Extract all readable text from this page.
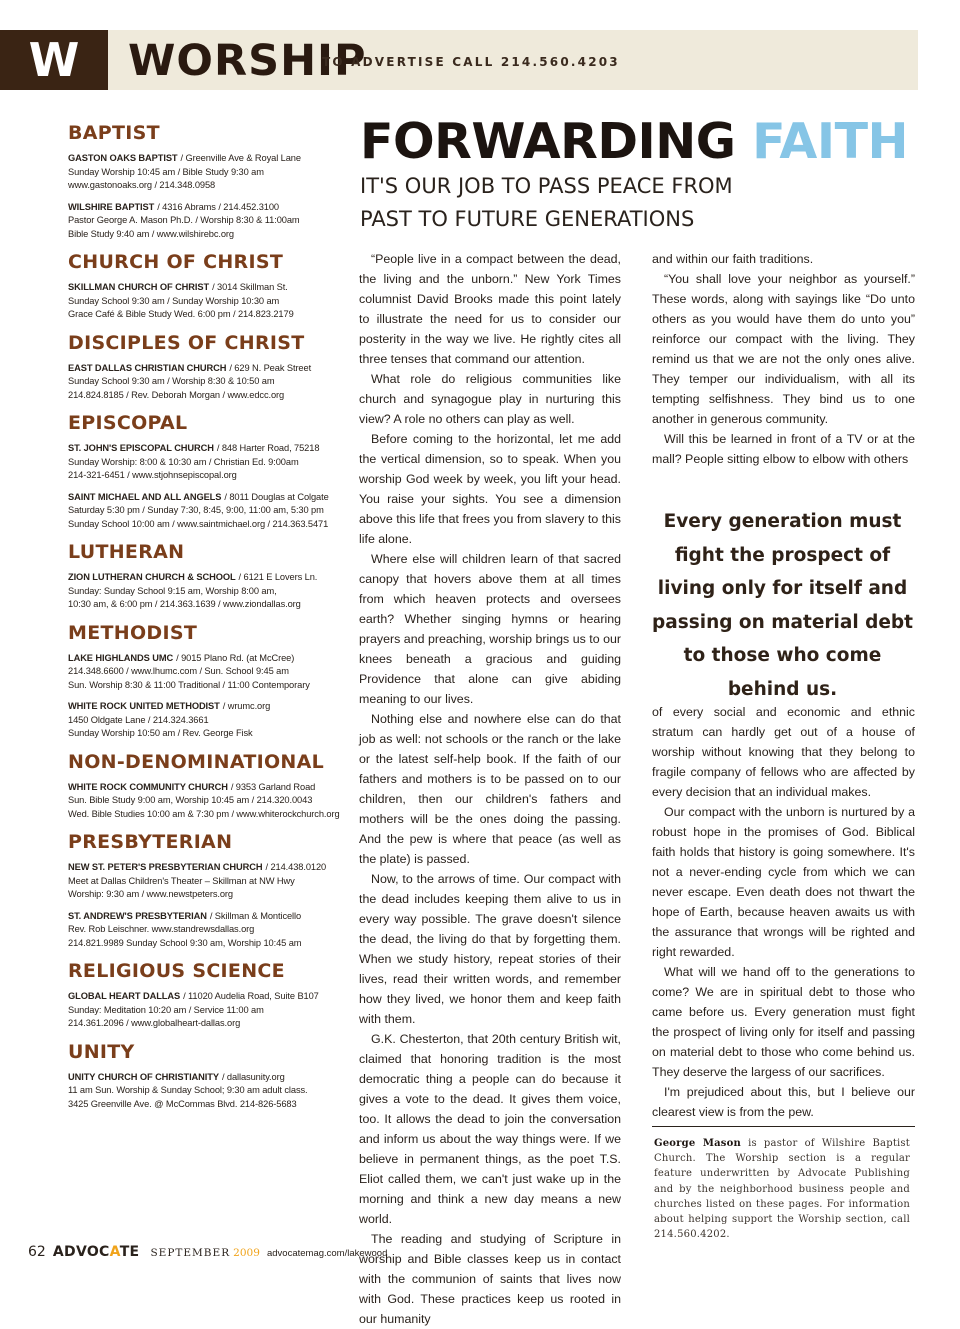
W	WORSHIP
TO ADVERTISE CALL 214.560.4203
BAPTIST
GASTON OAKS BAPTIST / Greenville Ave & Royal Lane
Sunday Worship 10:45 am / Bible Study 9:30 am
www.gastonoaks.org / 214.348.0958
WILSHIRE BAPTIST / 4316 Abrams / 214.452.3100
Pastor George A. Mason Ph.D. / Worship 8:30 & 11:00am
Bible Study 9:40 am / www.wilshirebc.org
CHURCH OF CHRIST
SKILLMAN CHURCH OF CHRIST / 3014 Skillman St.
Sunday School 9:30 am / Sunday Worship 10:30 am
Grace Café & Bible Study Wed. 6:00 pm / 214.823.2179
DISCIPLES OF CHRIST
EAST DALLAS CHRISTIAN CHURCH / 629 N. Peak Street
Sunday School 9:30 am / Worship 8:30 & 10:50 am
214.824.8185 / Rev. Deborah Morgan / www.edcc.org
EPISCOPAL
ST. JOHN'S EPISCOPAL CHURCH / 848 Harter Road, 75218
Sunday Worship: 8:00 & 10:30 am / Christian Ed. 9:00am
214-321-6451 / www.stjohnsepiscopal.org
SAINT MICHAEL AND ALL ANGELS / 8011 Douglas at Colgate
Saturday 5:30 pm / Sunday 7:30, 8:45, 9:00, 11:00 am, 5:30 pm
Sunday School 10:00 am / www.saintmichael.org / 214.363.5471
LUTHERAN
ZION LUTHERAN CHURCH & SCHOOL / 6121 E Lovers Ln.
Sunday: Sunday School 9:15 am, Worship 8:00 am,
10:30 am, & 6:00 pm / 214.363.1639 / www.ziondallas.org
METHODIST
LAKE HIGHLANDS UMC / 9015 Plano Rd. (at McCree)
214.348.6600 / www.lhumc.com / Sun. School 9:45 am
Sun. Worship 8:30 & 11:00 Traditional / 11:00 Contemporary
WHITE ROCK UNITED METHODIST / wrumc.org
1450 Oldgate Lane / 214.324.3661
Sunday Worship 10:50 am / Rev. George Fisk
NON-DENOMINATIONAL
WHITE ROCK COMMUNITY CHURCH / 9353 Garland Road
Sun. Bible Study 9:00 am, Worship 10:45 am / 214.320.0043
Wed. Bible Studies 10:00 am & 7:30 pm / www.whiterockchurch.org
PRESBYTERIAN
NEW ST. PETER'S PRESBYTERIAN CHURCH / 214.438.0120
Meet at Dallas Children's Theater – Skillman at NW Hwy
Worship: 9:30 am / www.newstpeters.org
ST. ANDREW'S PRESBYTERIAN / Skillman & Monticello
Rev. Rob Leischner. www.standrewsdallas.org
214.821.9989 Sunday School 9:30 am, Worship 10:45 am
RELIGIOUS SCIENCE
GLOBAL HEART DALLAS / 11020 Audelia Road, Suite B107
Sunday: Meditation 10:20 am / Service 11:00 am
214.361.2096 / www.globalheart-dallas.org
UNITY
UNITY CHURCH OF CHRISTIANITY / dallasunity.org
11 am Sun. Worship & Sunday School; 9:30 am adult class.
3425 Greenville Ave. @ McCommas Blvd. 214-826-5683
FORWARDING FAITH
IT'S OUR JOB TO PASS PEACE FROM PAST TO FUTURE GENERATIONS

“People live in a compact between the dead, the living and the unborn.” New York Times columnist David Brooks made this point lately to illustrate the need for us to consider our posterity in the way we live. He rightly cites all three tenses that command our attention.

What role do religious communities like church and synagogue play in nurturing this view? A role no others can play as well.

Before coming to the horizontal, let me add the vertical dimension, so to speak. When you worship God week by week, you lift your head. You raise your sights. You see a dimension above this life that frees you from slavery to this life alone.

Where else will children learn of that sacred canopy that hovers above them at all times from which heaven protects and oversees earth? Whether singing hymns or hearing prayers and preaching, worship brings us to our knees beneath a gracious and guiding Providence that alone can give abiding meaning to our lives.

Nothing else and nowhere else can do that job as well: not schools or the ranch or the lake or the latest self-help book. If the faith of our fathers and mothers is to be passed on to our children, then our children's fathers and mothers will be the ones doing the passing. And the pew is where that peace (as well as the plate) is passed.

Now, to the arrows of time. Our compact with the dead includes keeping them alive to us in every way possible. The grave doesn't silence the dead, the living do that by forgetting them. When we study history, repeat stories of their lives, read their written words, and remember how they lived, we honor them and keep faith with them.

G.K. Chesterton, that 20th century British wit, claimed that honoring tradition is the most democratic thing a people can do because it gives a vote to the dead. It gives them voice, too. It allows the dead to join the conversation and inform us about the way things were. If we believe in permanent things, as the poet T.S. Eliot called them, we can't just wake up in the morning and think a new day means a new world.

The reading and studying of Scripture in worship and Bible classes keep us in contact with the communion of saints that lives now with God. These practices keep us rooted in our humanity

and within our faith traditions.

“You shall love your neighbor as yourself.” These words, along with sayings like “Do unto others as you would have them do unto you” reinforce our compact with the living. They remind us that we are not the only ones alive. They temper our individualism, with all its tempting selfishness. They bind us to one another in generous community.

Will this be learned in front of a TV or at the mall? People sitting elbow to elbow with others

Every generation must fight the prospect of living only for itself and passing on material debt to those who come behind us.

of every social and economic and ethnic stratum can hardly get out of a house of worship without knowing that they belong to fragile company of fellows who are affected by every decision that an individual makes.

Our compact with the unborn is nurtured by a robust hope in the promises of God. Biblical faith holds that history is going somewhere. It's not a never-ending cycle from which we can never escape. Even death does not thwart the hope of Earth, because heaven awaits us with the assurance that wrongs will be righted and right rewarded.

What will we hand off to the generations to come? We are in spiritual debt to those who came before us. Every generation must fight the prospect of living only for itself and passing on material debt to those who come behind us. They deserve the largess of our sacrifices.

I'm prejudiced about this, but I believe our clearest view is from the pew.

George Mason is pastor of Wilshire Baptist Church. The Worship section is a regular feature underwritten by Advocate Publishing and by the neighborhood business people and churches listed on these pages. For information about helping support the Worship section, call 214.560.4202.
62 ADVOCATE SEPTEMBER 2009 advocatemag.com/lakewood
